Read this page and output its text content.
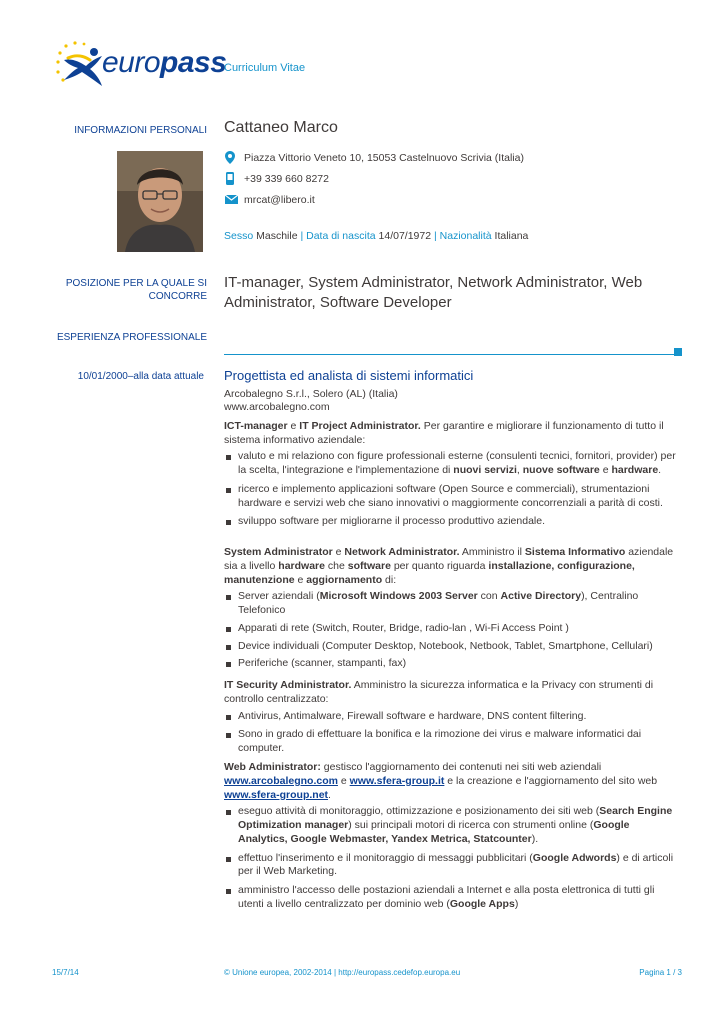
europass
Curriculum Vitae
INFORMAZIONI PERSONALI Cattaneo Marco
Piazza Vittorio Veneto 10, 15053 Castelnuovo Scrivia (Italia)
+39 339 660 8272
mrcat@libero.it
Sesso Maschile | Data di nascita 14/07/1972 | Nazionalità Italiana
POSIZIONE PER LA QUALE SI CONCORRE
IT-manager, System Administrator, Network Administrator, Web Administrator, Software Developer
ESPERIENZA PROFESSIONALE
10/01/2000–alla data attuale Progettista ed analista di sistemi informatici
Arcobalegno S.r.l., Solero (AL) (Italia)
www.arcobalegno.com
ICT-manager e IT Project Administrator. Per garantire e migliorare il funzionamento di tutto il sistema informativo aziendale:
valuto e mi relaziono con figure professionali esterne (consulenti tecnici, fornitori, provider) per la scelta, l'integrazione e l'implementazione di nuovi servizi, nuove software e hardware.
ricerco e implemento applicazioni software (Open Source e commerciali), strumentazioni hardware e servizi web che siano innovativi o maggiormente concorrenziali a parità di costi.
sviluppo software per migliorarne il processo produttivo aziendale.
System Administrator e Network Administrator. Amministro il Sistema Informativo aziendale sia a livello hardware che software per quanto riguarda installazione, configurazione, manutenzione e aggiornamento di:
Server aziendali (Microsoft Windows 2003 Server con Active Directory), Centralino Telefonico
Apparati di rete (Switch, Router, Bridge, radio-lan , Wi-Fi Access Point )
Device individuali (Computer Desktop, Notebook, Netbook, Tablet, Smartphone, Cellulari)
Periferiche (scanner, stampanti, fax)
IT Security Administrator. Amministro la sicurezza informatica e la Privacy con strumenti di controllo centralizzato:
Antivirus, Antimalware, Firewall software e hardware, DNS content filtering.
Sono in grado di effettuare la bonifica e la rimozione dei virus e malware informatici dai computer.
Web Administrator: gestisco l'aggiornamento dei contenuti nei siti web aziendali
www.arcobalegno.com e www.sfera-group.it e la creazione e l'aggiornamento del sito web
www.sfera-group.net.
eseguo attività di monitoraggio, ottimizzazione e posizionamento dei siti web (Search Engine Optimization manager) sui principali motori di ricerca con strumenti online (Google Analytics, Google Webmaster, Yandex Metrica, Statcounter).
effettuo l'inserimento e il monitoraggio di messaggi pubblicitari (Google Adwords) e di articoli per il Web Marketing.
amministro l'accesso delle postazioni aziendali a Internet e alla posta elettronica di tutti gli utenti a livello centralizzato per dominio web (Google Apps)
15/7/14	© Unione europea, 2002-2014 | http://europass.cedefop.europa.eu	Pagina 1 / 3
